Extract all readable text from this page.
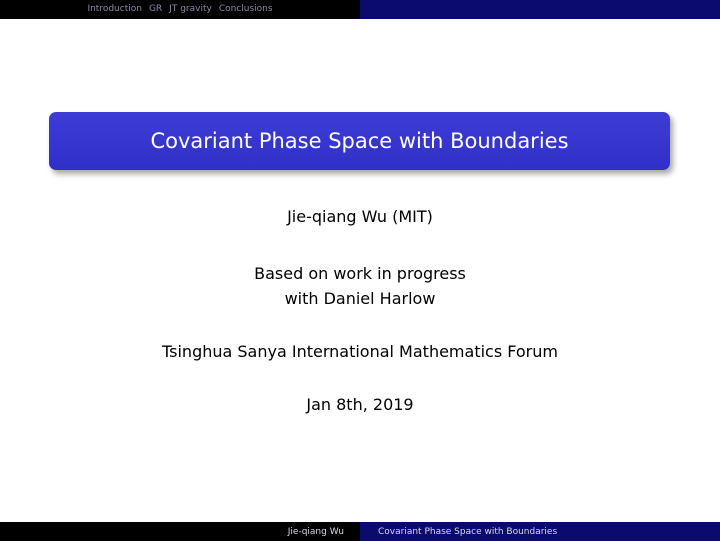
Introduction GR JT gravity Conclusions
Covariant Phase Space with Boundaries
Jie-qiang Wu (MIT)
Based on work in progress
with Daniel Harlow
Tsinghua Sanya International Mathematics Forum
Jan 8th, 2019
Jie-qiang Wu	Covariant Phase Space with Boundaries
